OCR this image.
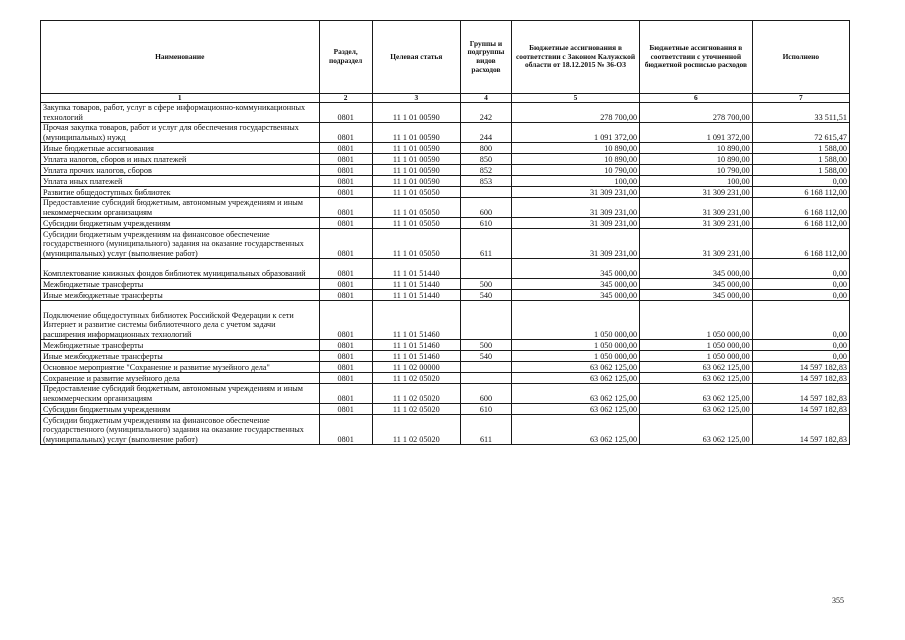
Наименование	Раздел, подраздел	Целевая статья	Группы и подгруппы видов расходов	Бюджетные ассигнования в соответствии с Законом Калужской области от 18.12.2015 № 36-ОЗ	Бюджетные ассигнования в соответствии с уточненной бюджетной росписью расходов	Исполнено
1	2	3	4	5	6	7
Закупка товаров, работ, услуг в сфере информационно-коммуникационных технологий	0801	11 1 01 00590	242	278 700,00	278 700,00	33 511,51
Прочая закупка товаров, работ и услуг для обеспечения государственных (муниципальных) нужд	0801	11 1 01 00590	244	1 091 372,00	1 091 372,00	72 615,47
Иные бюджетные ассигнования	0801	11 1 01 00590	800	10 890,00	10 890,00	1 588,00
Уплата налогов, сборов и иных платежей	0801	11 1 01 00590	850	10 890,00	10 890,00	1 588,00
Уплата прочих налогов, сборов	0801	11 1 01 00590	852	10 790,00	10 790,00	1 588,00
Уплата иных платежей	0801	11 1 01 00590	853	100,00	100,00	0,00
Развитие общедоступных библиотек	0801	11 1 01 05050		31 309 231,00	31 309 231,00	6 168 112,00
Предоставление субсидий бюджетным, автономным учреждениям и иным некоммерческим организациям	0801	11 1 01 05050	600	31 309 231,00	31 309 231,00	6 168 112,00
Субсидии бюджетным учреждениям	0801	11 1 01 05050	610	31 309 231,00	31 309 231,00	6 168 112,00
Субсидии бюджетным учреждениям на финансовое обеспечение государственного (муниципального) задания на оказание государственных (муниципальных) услуг (выполнение работ)	0801	11 1 01 05050	611	31 309 231,00	31 309 231,00	6 168 112,00
Комплектование книжных фондов библиотек муниципальных образований	0801	11 1 01 51440		345 000,00	345 000,00	0,00
Межбюджетные трансферты	0801	11 1 01 51440	500	345 000,00	345 000,00	0,00
Иные межбюджетные трансферты	0801	11 1 01 51440	540	345 000,00	345 000,00	0,00
Подключение общедоступных библиотек Российской Федерации к сети Интернет и развитие системы библиотечного дела с учетом задачи расширения информационных технологий	0801	11 1 01 51460		1 050 000,00	1 050 000,00	0,00
Межбюджетные трансферты	0801	11 1 01 51460	500	1 050 000,00	1 050 000,00	0,00
Иные межбюджетные трансферты	0801	11 1 01 51460	540	1 050 000,00	1 050 000,00	0,00
Основное мероприятие "Сохранение и развитие музейного дела"	0801	11 1 02 00000		63 062 125,00	63 062 125,00	14 597 182,83
Сохранение и развитие музейного дела	0801	11 1 02 05020		63 062 125,00	63 062 125,00	14 597 182,83
Предоставление субсидий бюджетным, автономным учреждениям и иным некоммерческим организациям	0801	11 1 02 05020	600	63 062 125,00	63 062 125,00	14 597 182,83
Субсидии бюджетным учреждениям	0801	11 1 02 05020	610	63 062 125,00	63 062 125,00	14 597 182,83
Субсидии бюджетным учреждениям на финансовое обеспечение государственного (муниципального) задания на оказание государственных (муниципальных) услуг (выполнение работ)	0801	11 1 02 05020	611	63 062 125,00	63 062 125,00	14 597 182,83
355
